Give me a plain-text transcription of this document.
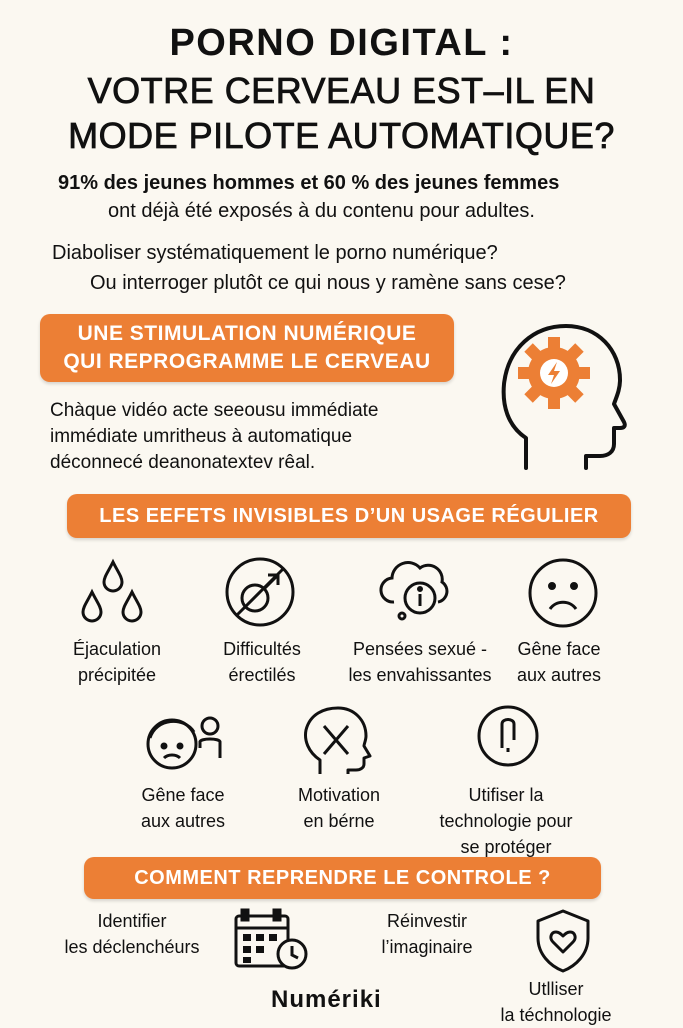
PORNO DIGITAL :
VOTRE CERVEAU EST–IL EN
MODE PILOTE AUTOMATIQUE?
91% des jeunes hommes et 60 % des jeunes femmes
ont déjà été exposés à du contenu pour adultes.
Diaboliser systématiquement le porno numérique?
Ou interroger plutôt ce qui nous y ramène sans cese?
UNE STIMULATION NUMÉRIQUE
QUI REPROGRAMME LE CERVEAU
Chàque vidéo acte seeousu immédiate
immédiate umritheus à automatique
déconnecé deanonatextev rêal.
LES EEFETS INVISIBLES D’UN USAGE RÉGULIER
Éjaculation
précipitée
Difficultés
érectilés
Pensées sexué -
les envahissantes
Gêne face
aux autres
Gêne face
aux autres
Motivation
en bérne
Utifiser la
technologie pour
se protéger
COMMENT REPRENDRE LE CONTROLE ?
Identifier
les déclenchéurs
Réinvestir
l’imaginaire
Utlliser
la téchnologie
Numériki
